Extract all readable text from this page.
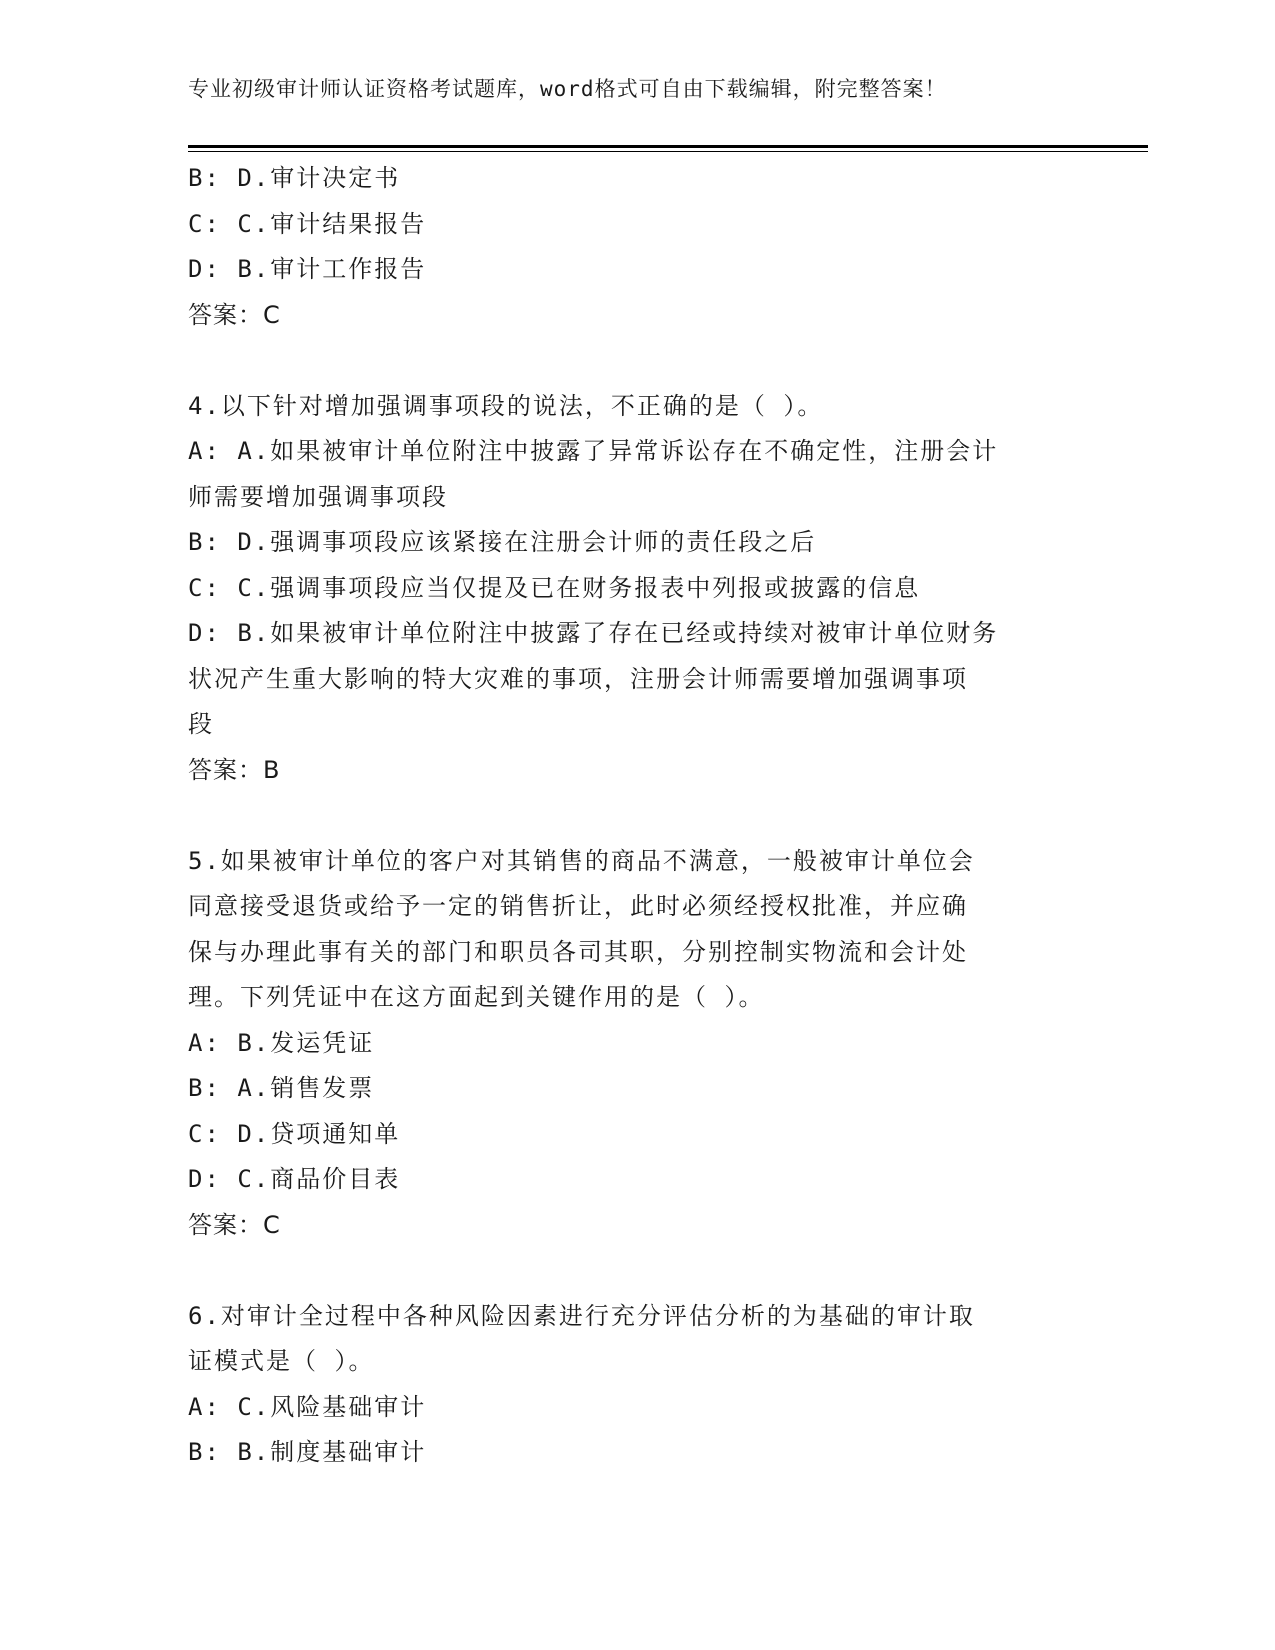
专业初级审计师认证资格考试题库，word格式可自由下载编辑，附完整答案！
B: D.审计决定书
C: C.审计结果报告
D: B.审计工作报告
答案：C
4.以下针对增加强调事项段的说法，不正确的是（ ）。
A: A.如果被审计单位附注中披露了异常诉讼存在不确定性，注册会计
师需要增加强调事项段
B: D.强调事项段应该紧接在注册会计师的责任段之后
C: C.强调事项段应当仅提及已在财务报表中列报或披露的信息
D: B.如果被审计单位附注中披露了存在已经或持续对被审计单位财务
状况产生重大影响的特大灾难的事项，注册会计师需要增加强调事项
段
答案：B
5.如果被审计单位的客户对其销售的商品不满意，一般被审计单位会
同意接受退货或给予一定的销售折让，此时必须经授权批准，并应确
保与办理此事有关的部门和职员各司其职，分别控制实物流和会计处
理。下列凭证中在这方面起到关键作用的是（ ）。
A: B.发运凭证
B: A.销售发票
C: D.贷项通知单
D: C.商品价目表
答案：C
6.对审计全过程中各种风险因素进行充分评估分析的为基础的审计取
证模式是（ ）。
A: C.风险基础审计
B: B.制度基础审计
